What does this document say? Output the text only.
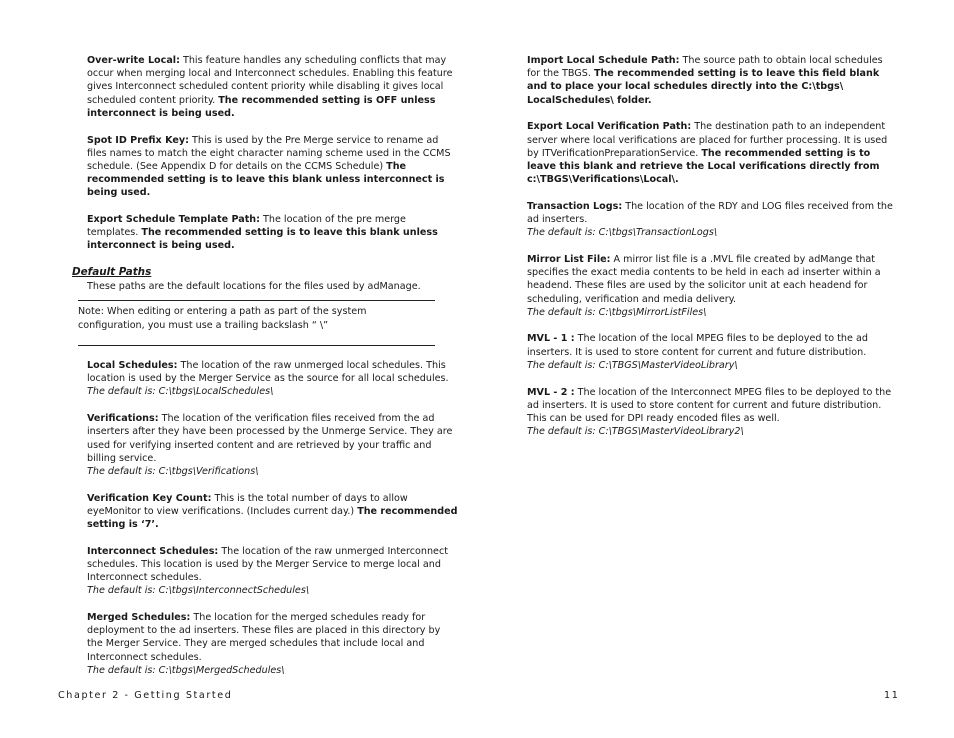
Over-write Local: This feature handles any scheduling conflicts that may occur when merging local and Interconnect schedules. Enabling this feature gives Interconnect scheduled content priority while disabling it gives local scheduled content priority. The recommended setting is OFF unless interconnect is being used.

Spot ID Prefix Key: This is used by the Pre Merge service to rename ad files names to match the eight character naming scheme used in the CCMS schedule. (See Appendix D for details on the CCMS Schedule) The recommended setting is to leave this blank unless interconnect is being used.

Export Schedule Template Path: The location of the pre merge templates. The recommended setting is to leave this blank unless interconnect is being used.

Default Paths
These paths are the default locations for the files used by adManage.
Note: When editing or entering a path as part of the system configuration, you must use a trailing backslash “ \”

Local Schedules: The location of the raw unmerged local schedules. This location is used by the Merger Service as the source for all local schedules.
The default is: C:\tbgs\LocalSchedules\

Verifications: The location of the verification files received from the ad inserters after they have been processed by the Unmerge Service. They are used for verifying inserted content and are retrieved by your traffic and billing service.
The default is: C:\tbgs\Verifications\

Verification Key Count: This is the total number of days to allow eyeMonitor to view verifications. (Includes current day.) The recommended setting is ‘7’.

Interconnect Schedules: The location of the raw unmerged Interconnect schedules. This location is used by the Merger Service to merge local and Interconnect schedules.
The default is: C:\tbgs\InterconnectSchedules\

Merged Schedules: The location for the merged schedules ready for deployment to the ad inserters. These files are placed in this directory by the Merger Service. They are merged schedules that include local and Interconnect schedules.
The default is: C:\tbgs\MergedSchedules\

Import Local Schedule Path: The source path to obtain local schedules for the TBGS. The recommended setting is to leave this field blank and to place your local schedules directly into the C:\tbgs\ LocalSchedules\ folder.

Export Local Verification Path: The destination path to an independent server where local verifications are placed for further processing. It is used by ITVerificationPreparationService. The recommended setting is to leave this blank and retrieve the Local verifications directly from c:\TBGS\Verifications\Local\.

Transaction Logs: The location of the RDY and LOG files received from the ad inserters.
The default is: C:\tbgs\TransactionLogs\

Mirror List File: A mirror list file is a .MVL file created by adMange that specifies the exact media contents to be held in each ad inserter within a headend. These files are used by the solicitor unit at each headend for scheduling, verification and media delivery.
The default is: C:\tbgs\MirrorListFiles\

MVL - 1 : The location of the local MPEG files to be deployed to the ad inserters. It is used to store content for current and future distribution.
The default is: C:\TBGS\MasterVideoLibrary\

MVL - 2 : The location of the Interconnect MPEG files to be deployed to the ad inserters. It is used to store content for current and future distribution. This can be used for DPI ready encoded files as well.
The default is: C:\TBGS\MasterVideoLibrary2\

Chapter 2 - Getting Started	11
